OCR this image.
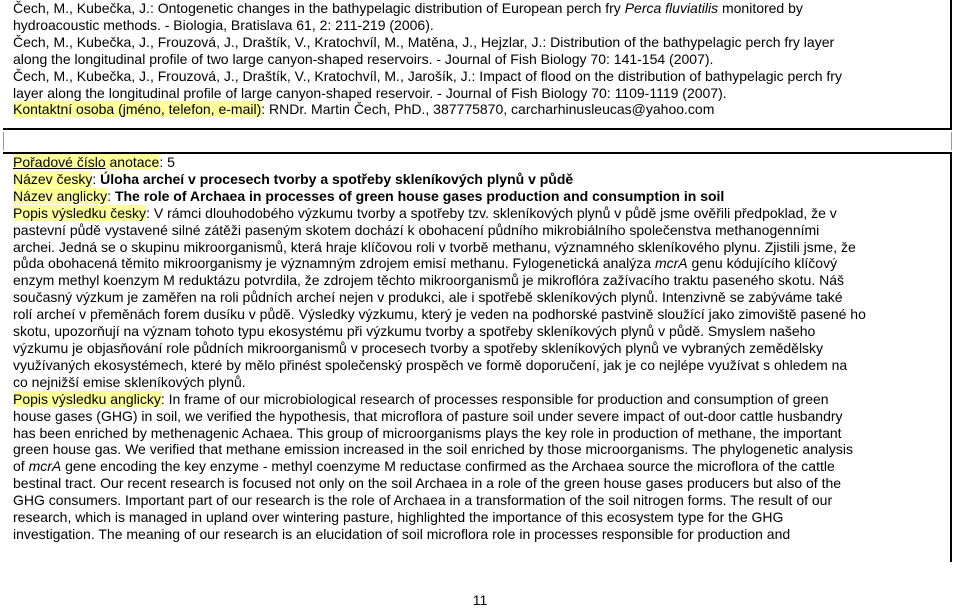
Čech, M., Kubečka, J.: Ontogenetic changes in the bathypelagic distribution of European perch fry Perca fluviatilis monitored by
hydroacoustic methods. - Biologia, Bratislava 61, 2: 211-219 (2006).

Čech, M., Kubečka, J., Frouzová, J., Draštík, V., Kratochvíl, M., Matěna, J., Hejzlar, J.: Distribution of the bathypelagic perch fry layer
along the longitudinal profile of two large canyon-shaped reservoirs. - Journal of Fish Biology 70: 141-154 (2007).

Čech, M., Kubečka, J., Frouzová, J., Draštík, V., Kratochvíl, M., Jarošík, J.: Impact of flood on the distribution of bathypelagic perch fry
layer along the longitudinal profile of large canyon-shaped reservoir. - Journal of Fish Biology 70: 1109-1119 (2007).

Kontaktní osoba (jméno, telefon, e-mail): RNDr. Martin Čech, PhD., 387775870, carcharhinusleucas@yahoo.com

Pořadové číslo anotace: 5

Název česky: Úloha archeí v procesech tvorby a spotřeby skleníkových plynů v půdě

Název anglicky: The role of Archaea in processes of green house gases production and consumption in soil

Popis výsledku česky: V rámci dlouhodobého výzkumu tvorby a spotřeby tzv. skleníkových plynů v půdě jsme ověřili předpoklad, že v
pastevní půdě vystavené silné zátěži paseným skotem dochází k obohacení půdního mikrobiálního společenstva methanogenními
archei. Jedná se o skupinu mikroorganismů, která hraje klíčovou roli v tvorbě methanu, významného skleníkového plynu. Zjistili jsme, že
půda obohacená těmito mikroorganismy je významným zdrojem emisí methanu. Fylogenetická analýza mcrA genu kódujícího klíčový
enzym methyl koenzym M reduktázu potvrdila, že zdrojem těchto mikroorganismů je mikroflóra zažívacího traktu paseného skotu. Náš
současný výzkum je zaměřen na roli půdních archeí nejen v produkci, ale i spotřebě skleníkových plynů. Intenzivně se zabýváme také
rolí archeí v přeměnách forem dusíku v půdě. Výsledky výzkumu, který je veden na podhorské pastvině sloužící jako zimoviště pasené ho
skotu, upozorňují na význam tohoto typu ekosystému při výzkumu tvorby a spotřeby skleníkových plynů v půdě. Smyslem našeho
výzkumu je objasňování role půdních mikroorganismů v procesech tvorby a spotřeby skleníkových plynů ve vybraných zemědělsky
využívaných ekosystémech, které by mělo přinést společenský prospěch ve formě doporučení, jak je co nejlépe využívat s ohledem na
co nejnižší emise skleníkových plynů.

Popis výsledku anglicky: In frame of our microbiological research of processes responsible for production and consumption of green
house gases (GHG) in soil, we verified the hypothesis, that microflora of pasture soil under severe impact of out-door cattle husbandry
has been enriched by methenagenic Achaea. This group of microorganisms plays the key role in production of methane, the important
green house gas. We verified that methane emission increased in the soil enriched by those microorganisms. The phylogenetic analysis
of mcrA gene encoding the key enzyme - methyl coenzyme M reductase confirmed as the Archaea source the microflora of the cattle
bestinal tract. Our recent research is focused not only on the soil Archaea in a role of the green house gases producers but also of the
GHG consumers. Important part of our research is the role of Archaea in a transformation of the soil nitrogen forms. The result of our
research, which is managed in upland over wintering pasture, highlighted the importance of this ecosystem type for the GHG
investigation. The meaning of our research is an elucidation of soil microflora role in processes responsible for production and

11
